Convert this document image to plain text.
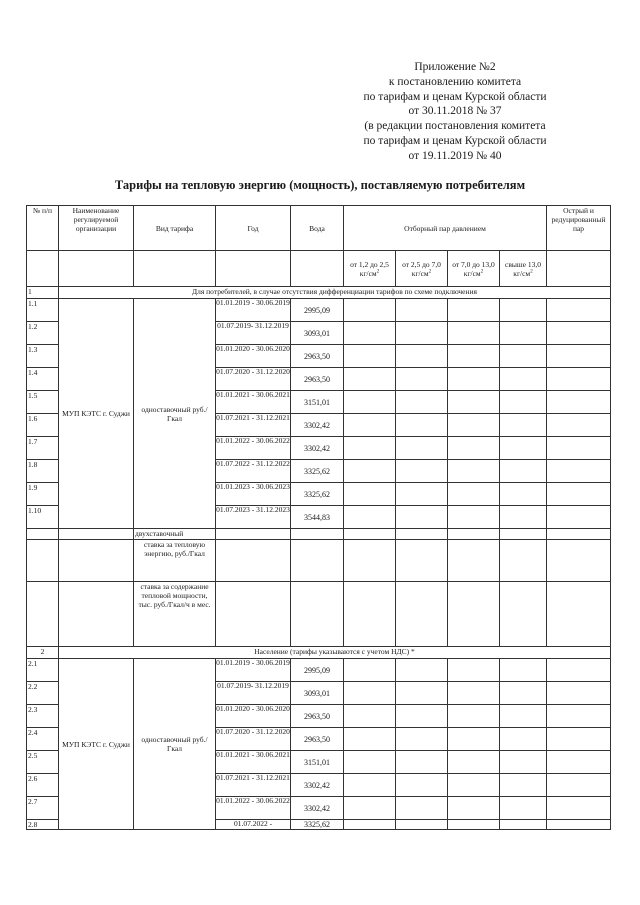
Приложение №2
к постановлению комитета
по тарифам и ценам Курской области
от 30.11.2018 № 37
(в редакции постановления комитета
по тарифам и ценам Курской области
от 19.11.2019 № 40
Тарифы на тепловую энергию (мощность), поставляемую потребителям
№ п/п	Наименование регулируемой организации	Вид тарифа	Год	Вода	Отборный пар давлением				Острый и редуцированный пар
					от 1,2 до 2,5 $кг/см^2$	от 2,5 до 7,0 $кг/см^2$	от 7,0 до 13,0 $кг/см^2$	свыше 13,0 $кг/см^2$	
1	Для потребителей, в случае отсутствия дифференциации тарифов по схеме подключения								
1.1	МУП КЭТС г. Суджи	одноставочный руб./Гкал	01.01.2019 - 30.06.2019	2995,09					
1.2			01.07.2019- 31.12.2019	3093,01					
1.3			01.01.2020 - 30.06.2020	2963,50					
1.4			01.07.2020 - 31.12.2020	2963,50					
1.5			01.01.2021 - 30.06.2021	3151,01					
1.6			01.07.2021 - 31.12.2021	3302,42					
1.7			01.01.2022 - 30.06.2022	3302,42					
1.8			01.07.2022 - 31.12.2022	3325,62					
1.9			01.01.2023 - 30.06.2023	3325,62					
1.10			01.07.2023 - 31.12.2023	3544,83					
		двухставочный							
		ставка за тепловую энергию, руб./Гкал							
		ставка за содержание тепловой мощности, тыс. руб./Гкал/ч в мес.							
2	Население (тарифы указываются с учетом НДС) *								
2.1	МУП КЭТС г. Суджи	одноставочный руб./Гкал	01.01.2019 - 30.06.2019	2995,09					
2.2			01.07.2019- 31.12.2019	3093,01					
2.3			01.01.2020 - 30.06.2020	2963,50					
2.4			01.07.2020 - 31.12.2020	2963,50					
2.5			01.01.2021 - 30.06.2021	3151,01					
2.6			01.07.2021 - 31.12.2021	3302,42					
2.7			01.01.2022 - 30.06.2022	3302,42					
2.8			01.07.2022 -	3325,62					
